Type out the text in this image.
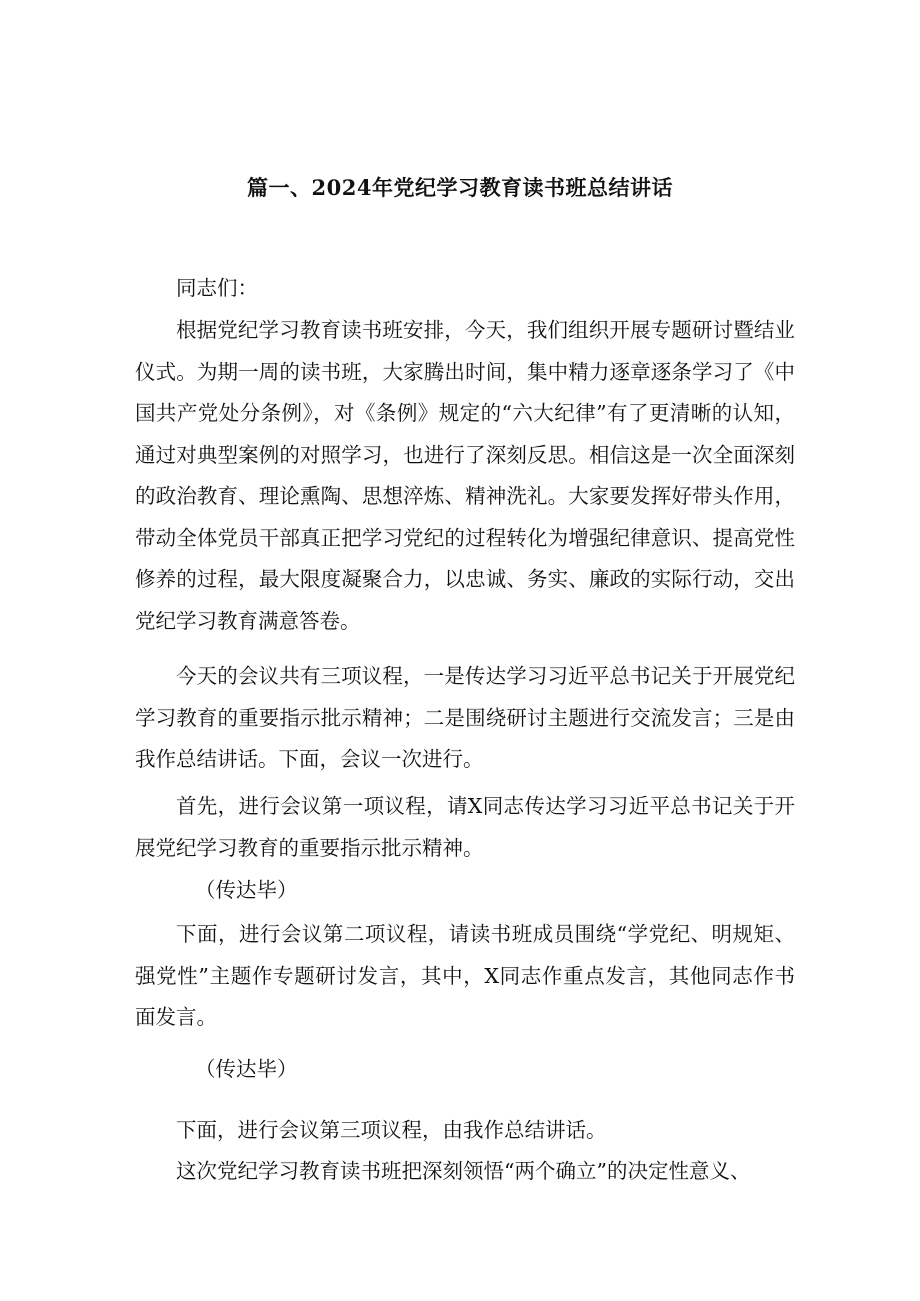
篇一、2024年党纪学习教育读书班总结讲话

同志们：

根据党纪学习教育读书班安排，今天，我们组织开展专题研讨暨结业仪式。为期一周的读书班，大家腾出时间，集中精力逐章逐条学习了《中国共产党处分条例》，对《条例》规定的“六大纪律”有了更清晰的认知，通过对典型案例的对照学习，也进行了深刻反思。相信这是一次全面深刻的政治教育、理论熏陶、思想淬炼、精神洗礼。大家要发挥好带头作用，带动全体党员干部真正把学习党纪的过程转化为增强纪律意识、提高党性修养的过程，最大限度凝聚合力，以忠诚、务实、廉政的实际行动，交出党纪学习教育满意答卷。

今天的会议共有三项议程，一是传达学习习近平总书记关于开展党纪学习教育的重要指示批示精神；二是围绕研讨主题进行交流发言；三是由我作总结讲话。下面，会议一次进行。

首先，进行会议第一项议程，请X同志传达学习习近平总书记关于开展党纪学习教育的重要指示批示精神。

（传达毕）

下面，进行会议第二项议程，请读书班成员围绕“学党纪、明规矩、强党性”主题作专题研讨发言，其中，X同志作重点发言，其他同志作书面发言。

（传达毕）

下面，进行会议第三项议程，由我作总结讲话。

这次党纪学习教育读书班把深刻领悟“两个确立”的决定性意义、
